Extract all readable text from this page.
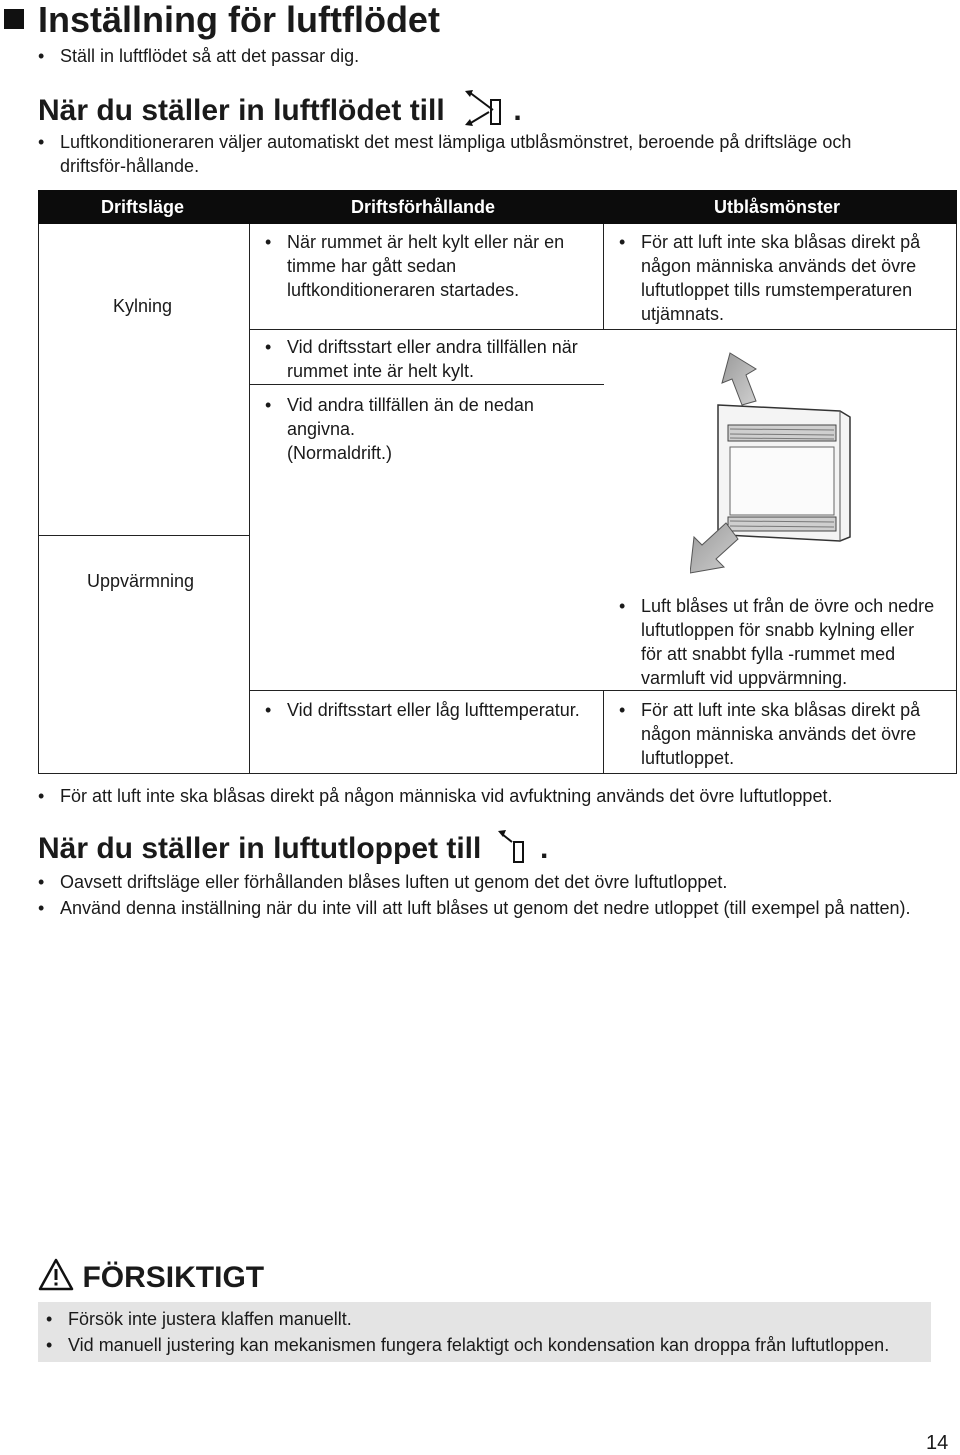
Inställning för luftflödet
• Ställ in luftflödet så att det passar dig.
När du ställer in luftflödet till .
• Luftkonditioneraren väljer automatiskt det mest lämpliga utblåsmönstret, beroende på driftsläge och
driftsför-hållande.
Driftsläge	Driftsförhållande	Utblåsmönster
Kylning
Uppvärmning
• När rummet är helt kylt eller när en
timme har gått sedan
luftkonditioneraren startades.
• Vid driftsstart eller andra tillfällen när
rummet inte är helt kylt.
• Vid andra tillfällen än de nedan
angivna.
(Normaldrift.)
• Vid driftsstart eller låg lufttemperatur.
• För att luft inte ska blåsas direkt på
någon människa används det övre
luftutloppet tills rumstemperaturen
utjämnats.
• Luft blåses ut från de övre och nedre
luftutloppen för snabb kylning eller
för att snabbt fylla -rummet med
varmluft vid uppvärmning.
• För att luft inte ska blåsas direkt på
någon människa används det övre
luftutloppet.
• För att luft inte ska blåsas direkt på någon människa vid avfuktning används det övre luftutloppet.
När du ställer in luftutloppet till .
• Oavsett driftsläge eller förhållanden blåses luften ut genom det det övre luftutloppet.
• Använd denna inställning när du inte vill att luft blåses ut genom det nedre utloppet (till exempel på natten).
FÖRSIKTIGT
• Försök inte justera klaffen manuellt.
• Vid manuell justering kan mekanismen fungera felaktigt och kondensation kan droppa från luftutloppen.
14
